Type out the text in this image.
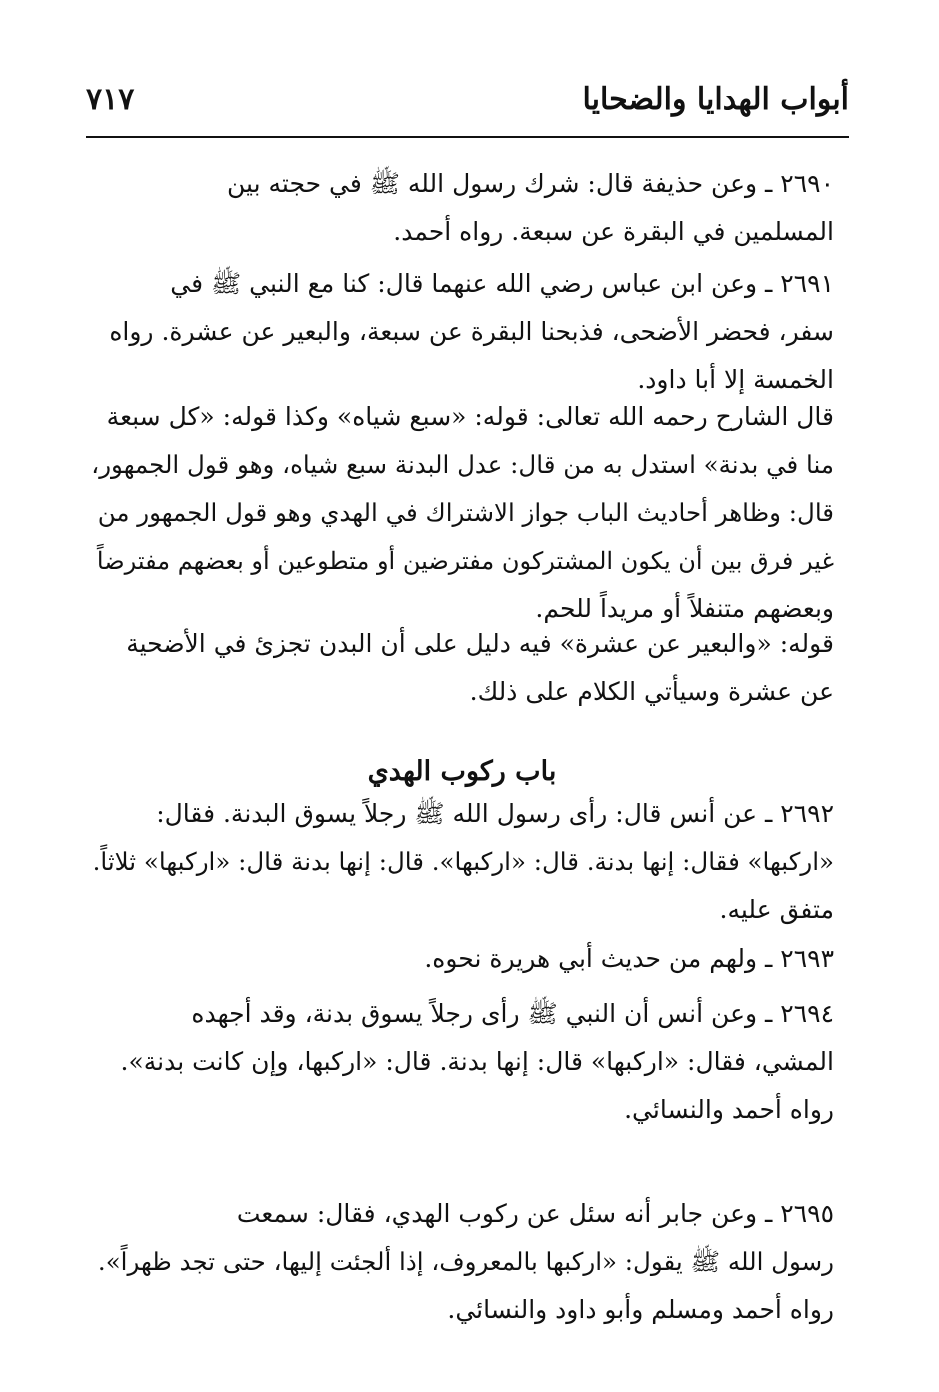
أبواب الهدايا والضحايا
٧١٧
٢٦٩٠ ـ وعن حذيفة قال: شرك رسول الله ﷺ في حجته بين
المسلمين في البقرة عن سبعة. رواه أحمد.
٢٦٩١ ـ وعن ابن عباس رضي الله عنهما قال: كنا مع النبي ﷺ في
سفر، فحضر الأضحى، فذبحنا البقرة عن سبعة، والبعير عن عشرة. رواه
الخمسة إلا أبا داود.
قال الشارح رحمه الله تعالى: قوله: «سبع شياه» وكذا قوله: «كل سبعة
منا في بدنة» استدل به من قال: عدل البدنة سبع شياه، وهو قول الجمهور،
قال: وظاهر أحاديث الباب جواز الاشتراك في الهدي وهو قول الجمهور من
غير فرق بين أن يكون المشتركون مفترضين أو متطوعين أو بعضهم مفترضاً
وبعضهم متنفلاً أو مريداً للحم.
قوله: «والبعير عن عشرة» فيه دليل على أن البدن تجزئ في الأضحية
عن عشرة وسيأتي الكلام على ذلك.
باب ركوب الهدي
٢٦٩٢ ـ عن أنس قال: رأى رسول الله ﷺ رجلاً يسوق البدنة. فقال:
«اركبها» فقال: إنها بدنة. قال: «اركبها». قال: إنها بدنة قال: «اركبها» ثلاثاً.
متفق عليه.
٢٦٩٣ ـ ولهم من حديث أبي هريرة نحوه.
٢٦٩٤ ـ وعن أنس أن النبي ﷺ رأى رجلاً يسوق بدنة، وقد أجهده
المشي، فقال: «اركبها» قال: إنها بدنة. قال: «اركبها، وإن كانت بدنة».
رواه أحمد والنسائي.
٢٦٩٥ ـ وعن جابر أنه سئل عن ركوب الهدي، فقال: سمعت
رسول الله ﷺ يقول: «اركبها بالمعروف، إذا ألجئت إليها، حتى تجد ظهراً».
رواه أحمد ومسلم وأبو داود والنسائي.
